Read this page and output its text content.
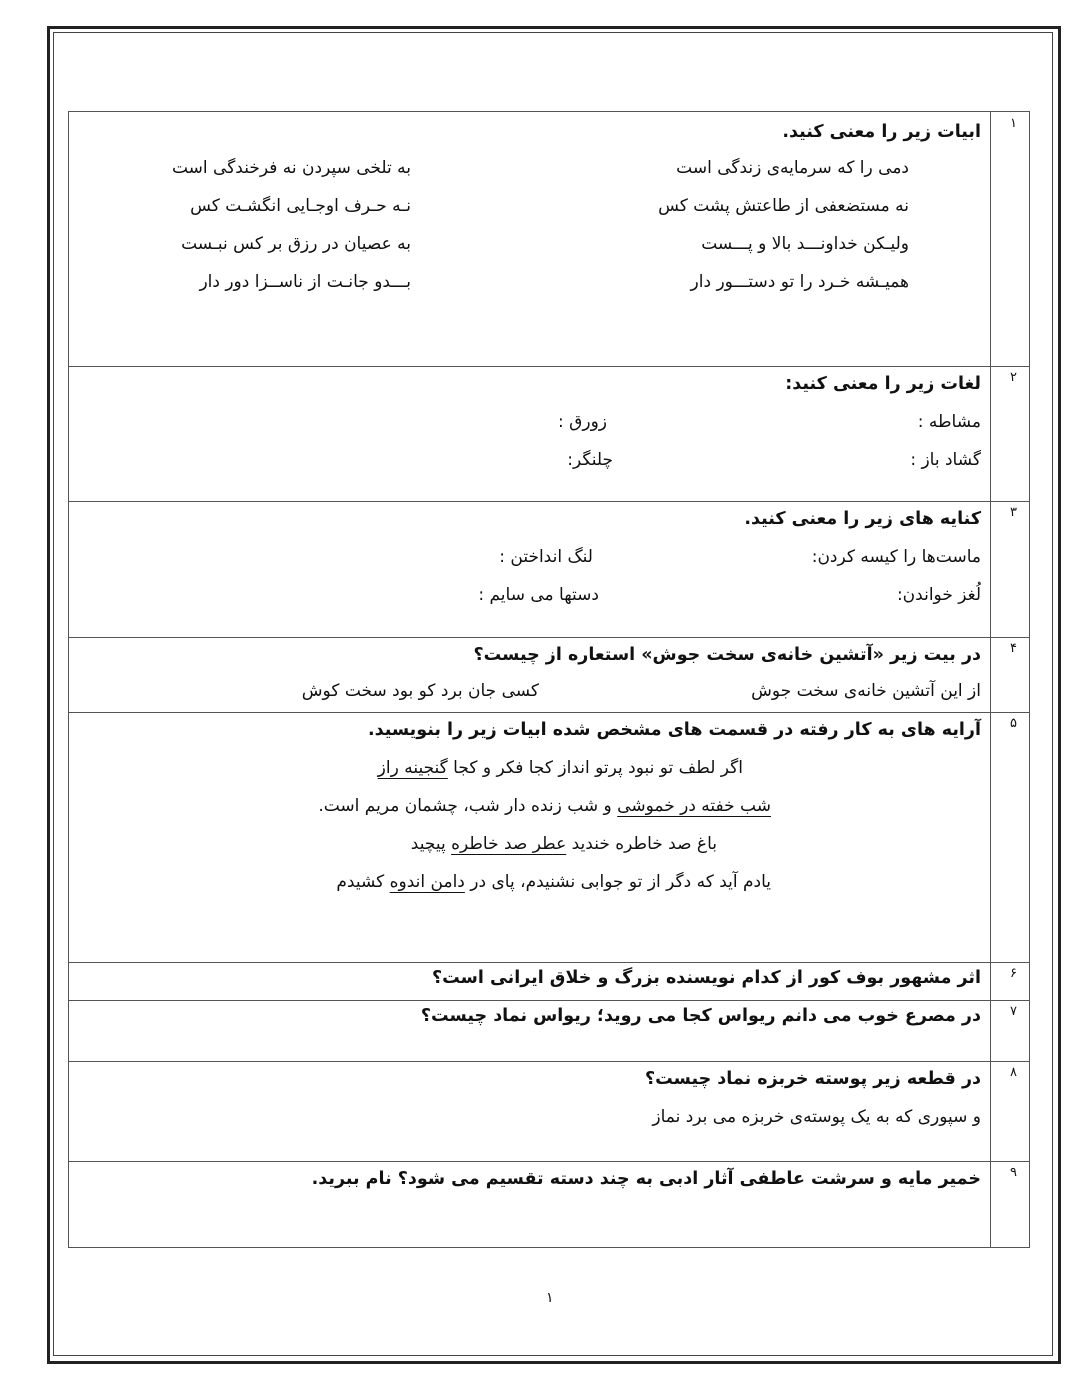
۱
ابیات زیر را معنی کنید.
دمی را که سرمایه‌ی زندگی است
به تلخی سپردن نه فرخندگی است
نه مستضعفی از طاعتش پشت کس
نـه حـرف اوجـایی انگشـت کس
ولیـکن خداونـــد بالا و پـــست
به عصیان در رزق بر کس نبـست
همیـشه خـرد را تو دستـــور دار
بـــدو جانـت از ناســزا دور دار
۲
لغات زیر را معنی کنید:
مشاطه :
زورق :
گشاد باز :
چلنگر:
۳
کنایه های زیر را معنی کنید.
ماست‌ها را کیسه کردن:
لنگ انداختن :
لُغز خواندن:
دستها می سایم :
۴
در بیت زیر «آتشین خانه‌ی سخت جوش» استعاره از چیست؟
از این آتشین خانه‌ی سخت جوش
کسی جان برد کو بود سخت کوش
۵
آرایه های به کار رفته در قسمت های مشخص شده ابیات زیر را بنویسید.
اگر لطف تو نبود پرتو انداز کجا فکر و کجا گنجینه راز
شب خفته در خموشی و شب زنده دار شب، چشمان مریم است.
باغ صد خاطره خندید عطر صد خاطره پیچید
یادم آید که دگر از تو جوابی نشنیدم، پای در دامن اندوه کشیدم
۶
اثر مشهور بوف کور از کدام نویسنده بزرگ و خلاق ایرانی است؟
۷
در مصرع خوب می دانم ریواس کجا می روید؛ ریواس نماد چیست؟
۸
در قطعه زیر پوسته خربزه نماد چیست؟
و سپوری که به یک پوسته‌ی خربزه می برد نماز
۹
خمیر مایه و سرشت عاطفی آثار ادبی به چند دسته تقسیم می شود؟ نام ببرید.
۱
